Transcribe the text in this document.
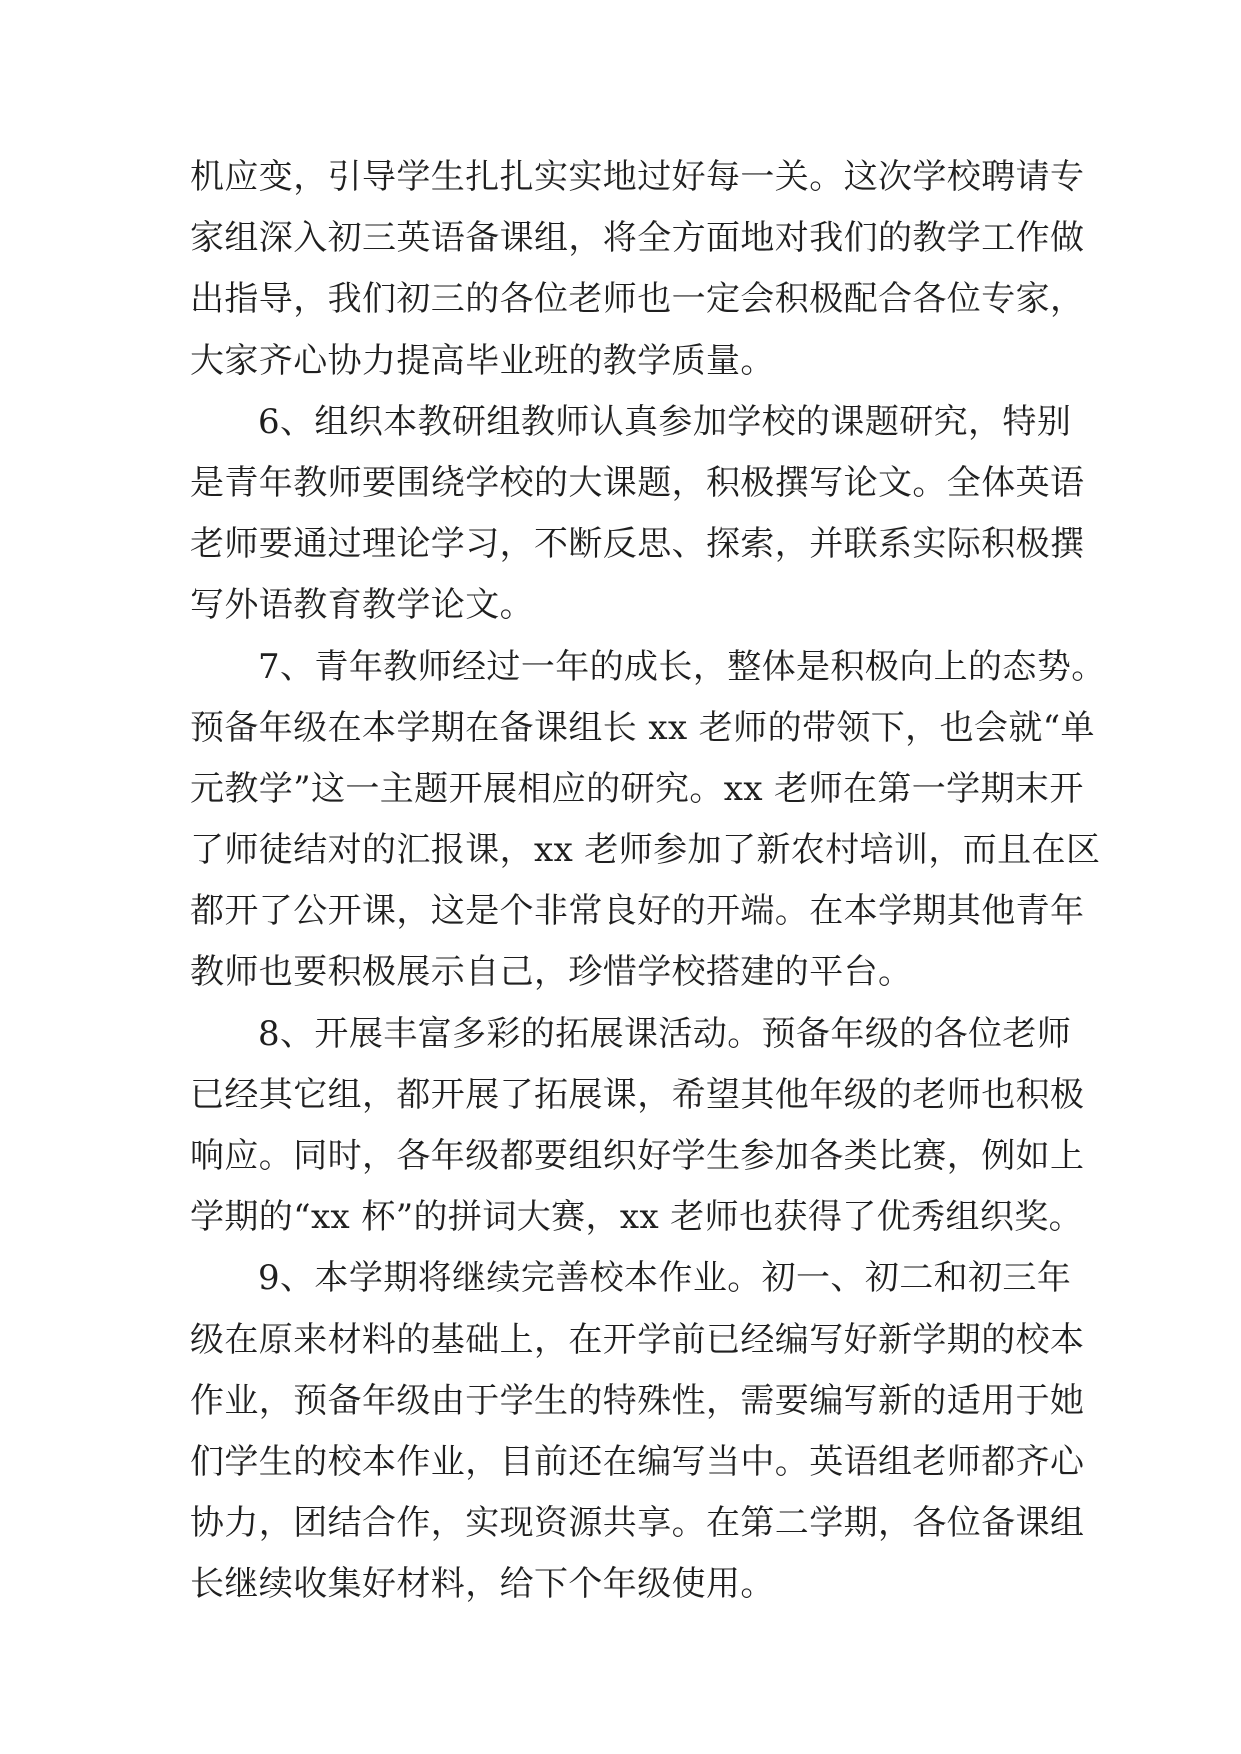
机应变，引导学生扎扎实实地过好每一关。这次学校聘请专
家组深入初三英语备课组，将全方面地对我们的教学工作做
出指导，我们初三的各位老师也一定会积极配合各位专家，
大家齐心协力提高毕业班的教学质量。
6、组织本教研组教师认真参加学校的课题研究，特别
是青年教师要围绕学校的大课题，积极撰写论文。全体英语
老师要通过理论学习，不断反思、探索，并联系实际积极撰
写外语教育教学论文。
7、青年教师经过一年的成长，整体是积极向上的态势。
预备年级在本学期在备课组长 xx 老师的带领下，也会就“单
元教学”这一主题开展相应的研究。xx 老师在第一学期末开
了师徒结对的汇报课，xx 老师参加了新农村培训，而且在区
都开了公开课，这是个非常良好的开端。在本学期其他青年
教师也要积极展示自己，珍惜学校搭建的平台。
8、开展丰富多彩的拓展课活动。预备年级的各位老师
已经其它组，都开展了拓展课，希望其他年级的老师也积极
响应。同时，各年级都要组织好学生参加各类比赛，例如上
学期的“xx 杯”的拼词大赛，xx 老师也获得了优秀组织奖。
9、本学期将继续完善校本作业。初一、初二和初三年
级在原来材料的基础上，在开学前已经编写好新学期的校本
作业，预备年级由于学生的特殊性，需要编写新的适用于她
们学生的校本作业，目前还在编写当中。英语组老师都齐心
协力，团结合作，实现资源共享。在第二学期，各位备课组
长继续收集好材料，给下个年级使用。
